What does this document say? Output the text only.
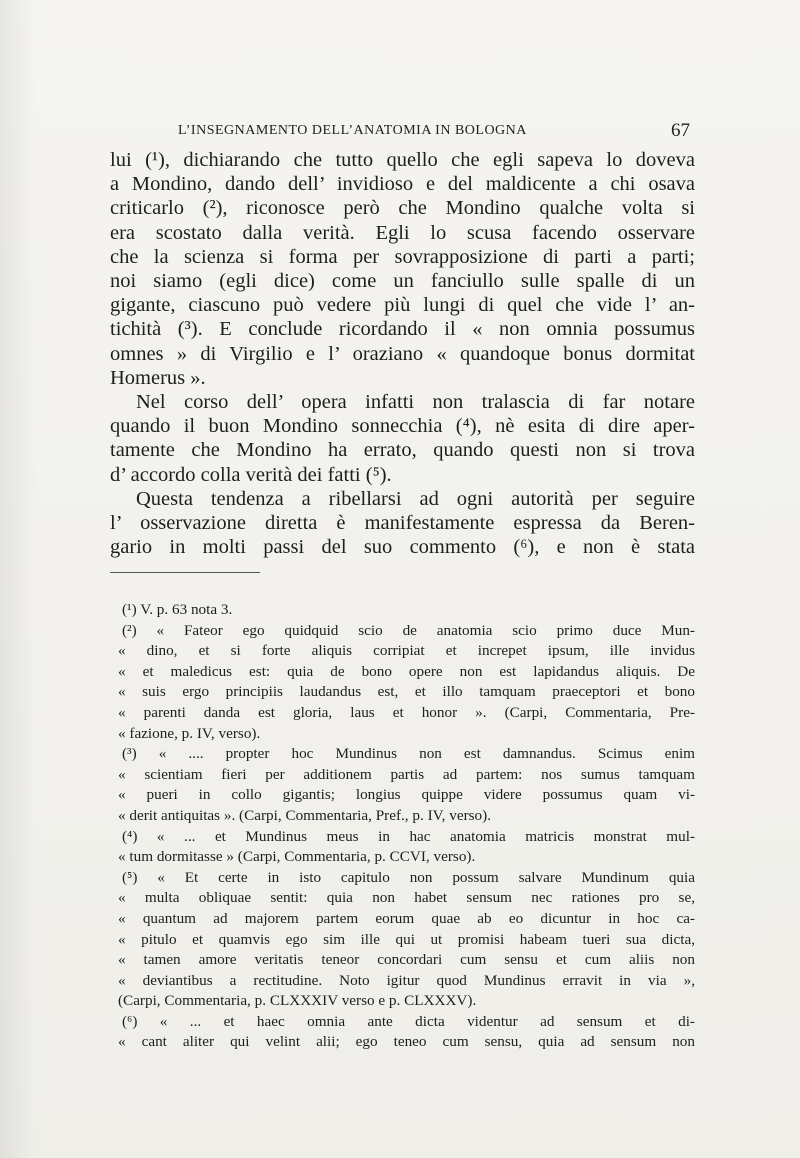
L’INSEGNAMENTO DELL’ANATOMIA IN BOLOGNA	67
lui (¹), dichiarando che tutto quello che egli sapeva lo doveva
a Mondino, dando dell’ invidioso e del maldicente a chi osava
criticarlo (²), riconosce però che Mondino qualche volta si
era scostato dalla verità. Egli lo scusa facendo osservare
che la scienza si forma per sovrapposizione di parti a parti;
noi siamo (egli dice) come un fanciullo sulle spalle di un
gigante, ciascuno può vedere più lungi di quel che vide l’ an-
tichità (³). E conclude ricordando il « non omnia possumus
omnes » di Virgilio e l’ oraziano « quandoque bonus dormitat
Homerus ».
Nel corso dell’ opera infatti non tralascia di far notare
quando il buon Mondino sonnecchia (⁴), nè esita di dire aper-
tamente che Mondino ha errato, quando questi non si trova
d’ accordo colla verità dei fatti (⁵).
Questa tendenza a ribellarsi ad ogni autorità per seguire
l’ osservazione diretta è manifestamente espressa da Beren-
gario in molti passi del suo commento (⁶), e non è stata
(¹) V. p. 63 nota 3.
(²) « Fateor ego quidquid scio de anatomia scio primo duce Mun-
« dino, et si forte aliquis corripiat et increpet ipsum, ille invidus
« et maledicus est: quia de bono opere non est lapidandus aliquis. De
« suis ergo principiis laudandus est, et illo tamquam praeceptori et bono
« parenti danda est gloria, laus et honor ». (Carpi, Commentaria, Pre-
« fazione, p. IV, verso).
(³) « .... propter hoc Mundinus non est damnandus. Scimus enim
« scientiam fieri per additionem partis ad partem: nos sumus tamquam
« pueri in collo gigantis; longius quippe videre possumus quam vi-
« derit antiquitas ». (Carpi, Commentaria, Pref., p. IV, verso).
(⁴) « ... et Mundinus meus in hac anatomia matricis monstrat mul-
« tum dormitasse » (Carpi, Commentaria, p. CCVI, verso).
(⁵) « Et certe in isto capitulo non possum salvare Mundinum quia
« multa obliquae sentit: quia non habet sensum nec rationes pro se,
« quantum ad majorem partem eorum quae ab eo dicuntur in hoc ca-
« pitulo et quamvis ego sim ille qui ut promisi habeam tueri sua dicta,
« tamen amore veritatis teneor concordari cum sensu et cum aliis non
« deviantibus a rectitudine. Noto igitur quod Mundinus erravit in via »,
(Carpi, Commentaria, p. CLXXXIV verso e p. CLXXXV).
(⁶) « ... et haec omnia ante dicta videntur ad sensum et di-
« cant aliter qui velint alii; ego teneo cum sensu, quia ad sensum non
